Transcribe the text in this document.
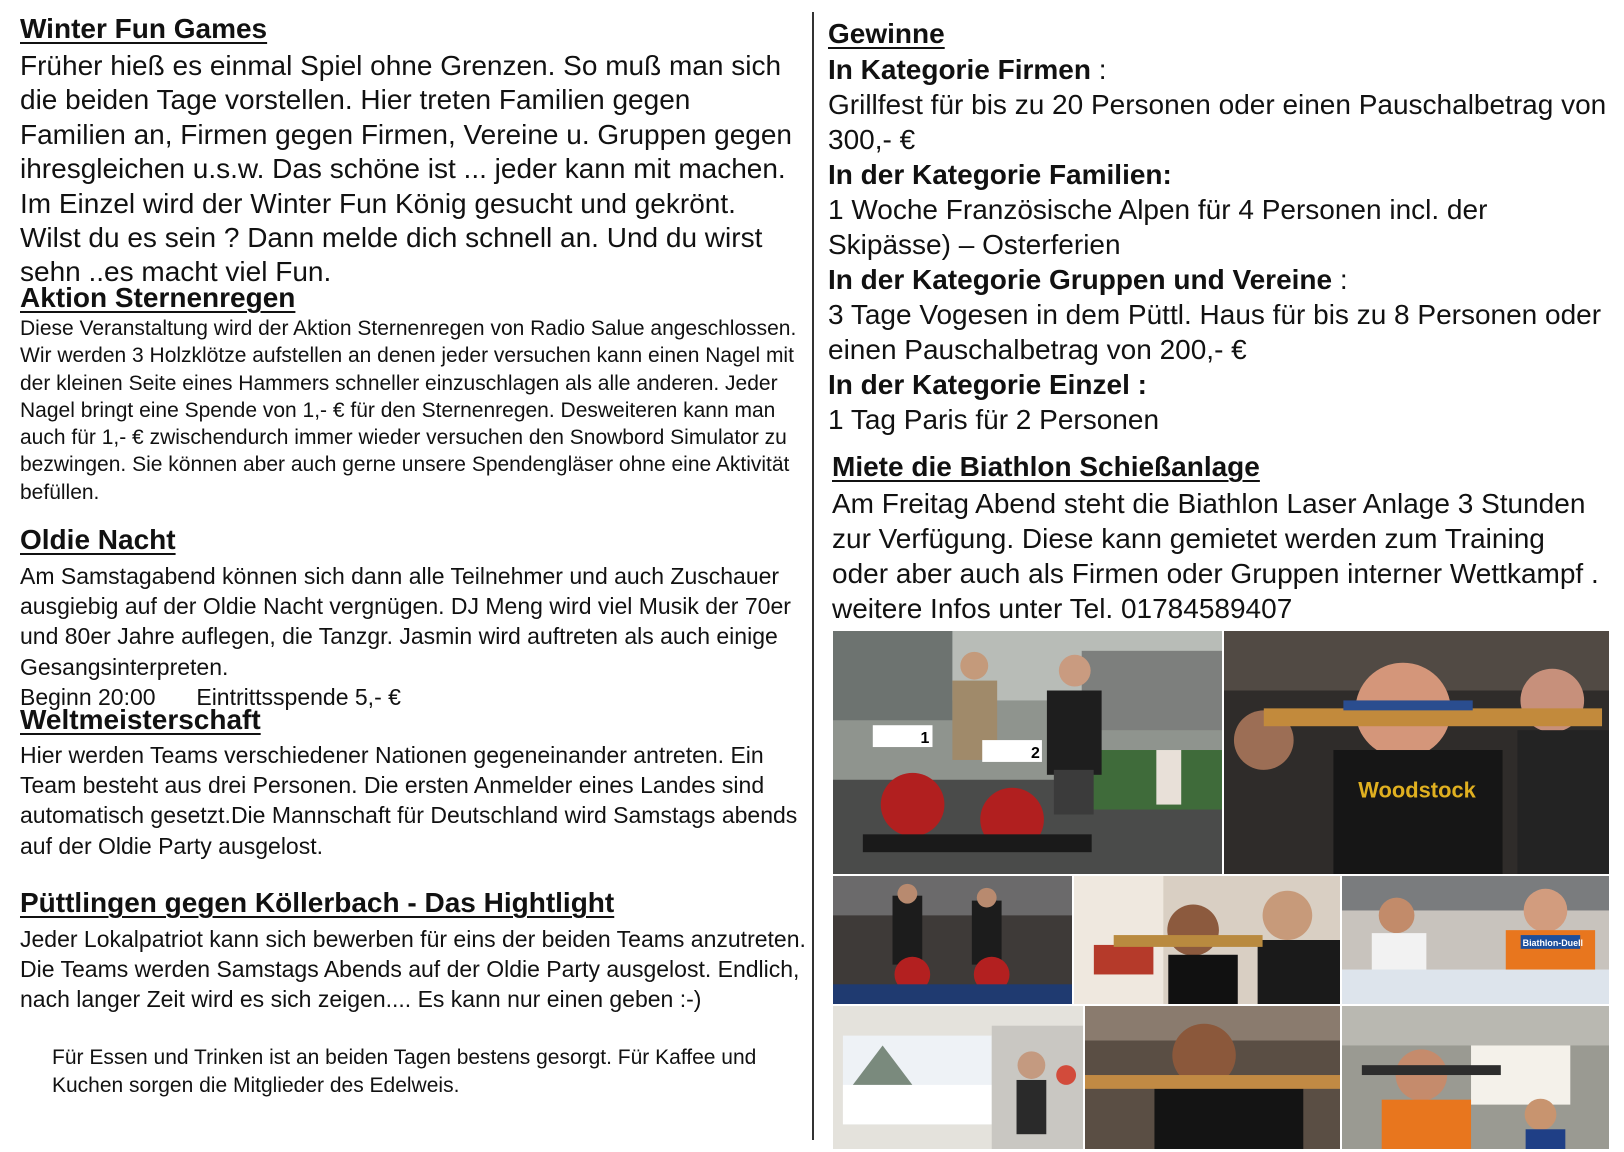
Winter Fun Games

Früher hieß es einmal Spiel ohne Grenzen. So muß man sich die beiden Tage vorstellen. Hier treten Familien gegen Familien an, Firmen gegen Firmen, Vereine u. Gruppen gegen ihresgleichen u.s.w. Das schöne ist ... jeder kann mit machen. Im Einzel wird der Winter Fun König gesucht und gekrönt. Wilst du es sein ? Dann melde dich schnell an. Und du wirst sehn ..es macht viel Fun.

Aktion Sternenregen

Diese Veranstaltung wird der Aktion Sternenregen von Radio Salue angeschlossen. Wir werden 3 Holzklötze aufstellen an denen jeder versuchen kann einen Nagel mit der kleinen Seite eines Hammers schneller einzuschlagen als alle anderen. Jeder Nagel bringt eine Spende von 1,- € für den Sternenregen. Desweiteren kann man auch für 1,- € zwischendurch immer wieder versuchen den Snowbord Simulator zu bezwingen. Sie können aber auch gerne unsere Spendengläser ohne eine Aktivität befüllen.

Oldie Nacht

Am Samstagabend können sich dann alle Teilnehmer und auch Zuschauer ausgiebig auf der Oldie Nacht vergnügen. DJ Meng wird viel Musik der 70er und 80er Jahre auflegen, die Tanzgr. Jasmin wird auftreten als auch einige Gesangsinterpreten.

Beginn 20:00 Eintrittsspende 5,- €
Weltmeisterschaft

Hier werden Teams verschiedener Nationen gegeneinander antreten. Ein Team besteht aus drei Personen. Die ersten Anmelder eines Landes sind automatisch gesetzt.Die Mannschaft für Deutschland wird Samstags abends auf der Oldie Party ausgelost.

Püttlingen gegen Köllerbach - Das Hightlight

Jeder Lokalpatriot kann sich bewerben für eins der beiden Teams anzutreten. Die Teams werden Samstags Abends auf der Oldie Party ausgelost. Endlich, nach langer Zeit wird es sich zeigen.... Es kann nur einen geben :-)

Für Essen und Trinken ist an beiden Tagen bestens gesorgt. Für Kaffee und Kuchen sorgen die Mitglieder des Edelweis.

Gewinne
In Kategorie Firmen :
Grillfest für bis zu 20 Personen oder einen Pauschalbetrag von 300,- €
In der Kategorie Familien:
1 Woche Französische Alpen für 4 Personen incl. der Skipässe) – Osterferien
In der Kategorie Gruppen und Vereine :
3 Tage Vogesen in dem Püttl. Haus für bis zu 8 Personen oder einen Pauschalbetrag von 200,- €
In der Kategorie Einzel :
1 Tag Paris für 2 Personen
Miete die Biathlon Schießanlage

Am Freitag Abend steht die Biathlon Laser Anlage 3 Stunden zur Verfügung. Diese kann gemietet werden zum Training oder aber auch als Firmen oder Gruppen interner Wettkampf . weitere Infos unter Tel. 01784589407

1
2
Woodstock
Biathlon-Duell
